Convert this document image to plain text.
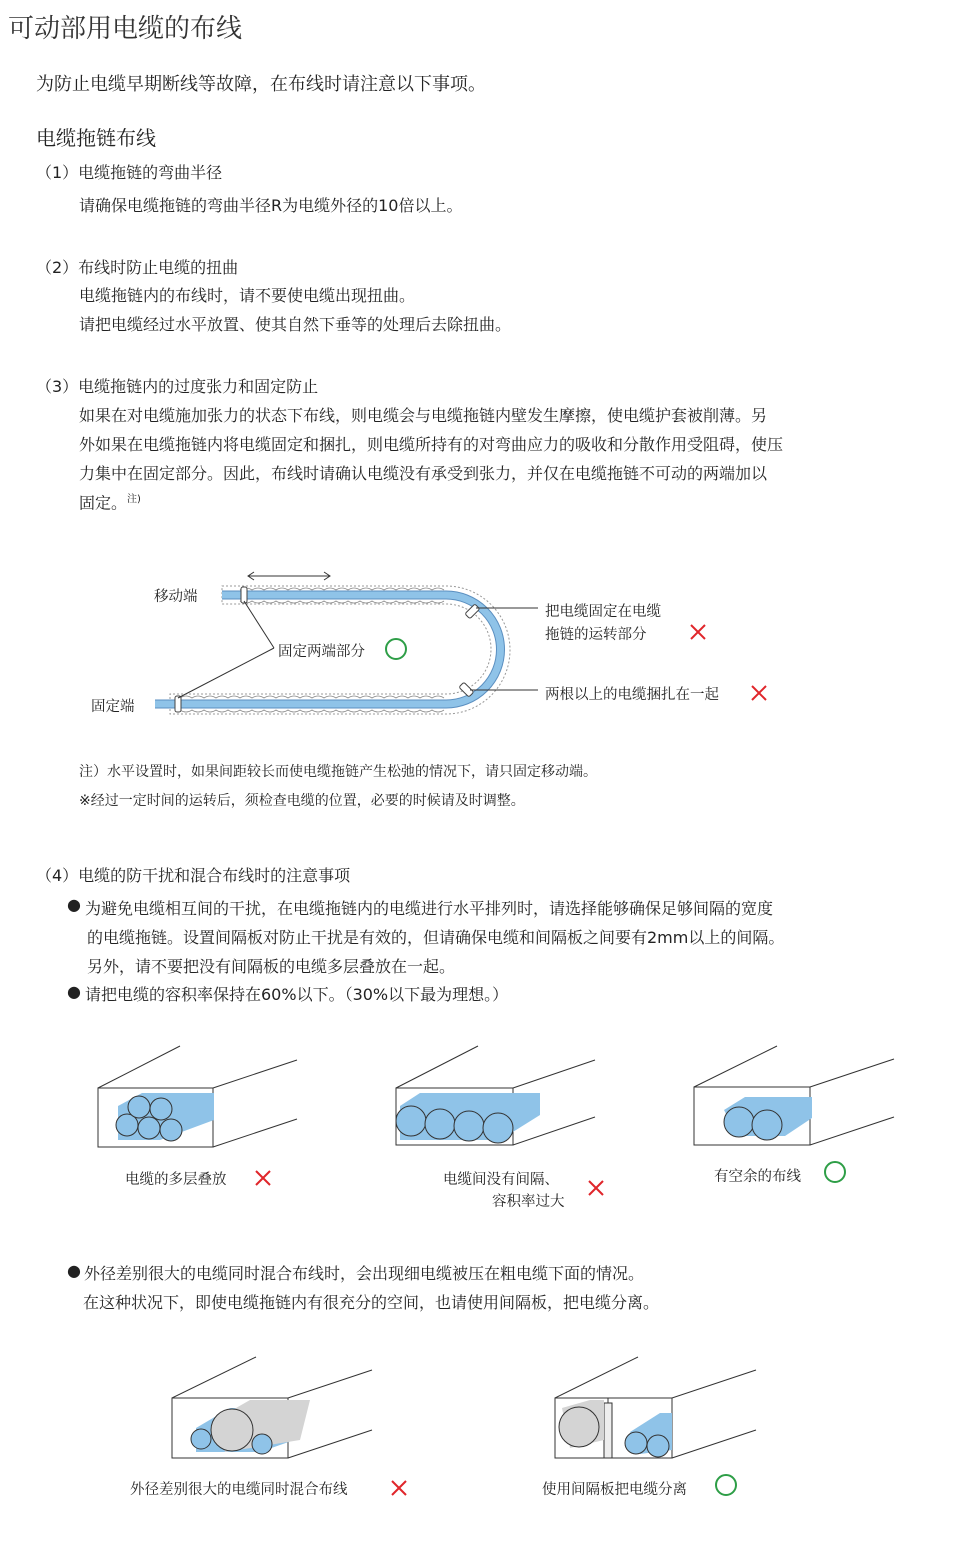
可动部用电缆的布线
为防止电缆早期断线等故障，在布线时请注意以下事项。
电缆拖链布线
（1）电缆拖链的弯曲半径
请确保电缆拖链的弯曲半径R为电缆外径的10倍以上。
（2）布线时防止电缆的扭曲
电缆拖链内的布线时，请不要使电缆出现扭曲。
请把电缆经过水平放置、使其自然下垂等的处理后去除扭曲。
（3）电缆拖链内的过度张力和固定防止
如果在对电缆施加张力的状态下布线，则电缆会与电缆拖链内壁发生摩擦，使电缆护套被削薄。另
外如果在电缆拖链内将电缆固定和捆扎，则电缆所持有的对弯曲应力的吸收和分散作用受阻碍，使压
力集中在固定部分。因此，布线时请确认电缆没有承受到张力，并仅在电缆拖链不可动的两端加以
固定。$^{注)}$
移动端
固定端
固定两端部分
把电缆固定在电缆
拖链的运转部分
两根以上的电缆捆扎在一起
注）水平设置时，如果间距较长而使电缆拖链产生松弛的情况下，请只固定移动端。
※经过一定时间的运转后，须检查电缆的位置，必要的时候请及时调整。
（4）电缆的防干扰和混合布线时的注意事项
● 为避免电缆相互间的干扰，在电缆拖链内的电缆进行水平排列时，请选择能够确保足够间隔的宽度
的电缆拖链。设置间隔板对防止干扰是有效的，但请确保电缆和间隔板之间要有2mm以上的间隔。
另外，请不要把没有间隔板的电缆多层叠放在一起。
● 请把电缆的容积率保持在60%以下。（30%以下最为理想。）
电缆的多层叠放	电缆间没有间隔、
容积率过大
有空余的布线
● 外径差别很大的电缆同时混合布线时，会出现细电缆被压在粗电缆下面的情况。
在这种状况下，即使电缆拖链内有很充分的空间，也请使用间隔板，把电缆分离。
外径差别很大的电缆同时混合布线	使用间隔板把电缆分离
